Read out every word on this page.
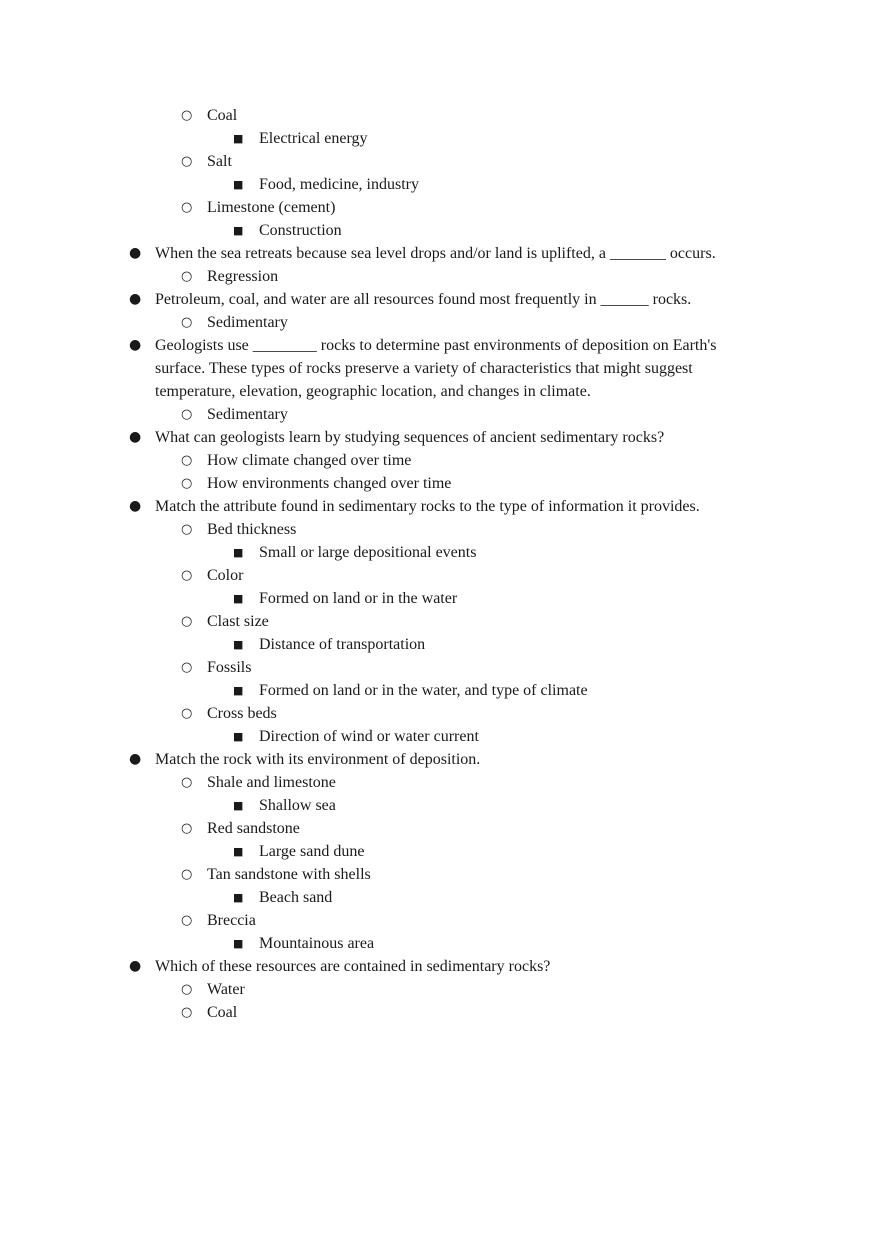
○ Coal
■ Electrical energy
○ Salt
■ Food, medicine, industry
○ Limestone (cement)
■ Construction
● When the sea retreats because sea level drops and/or land is uplifted, a _______ occurs.
○ Regression
● Petroleum, coal, and water are all resources found most frequently in ______ rocks.
○ Sedimentary
● Geologists use ________ rocks to determine past environments of deposition on Earth's surface. These types of rocks preserve a variety of characteristics that might suggest temperature, elevation, geographic location, and changes in climate.
○ Sedimentary
● What can geologists learn by studying sequences of ancient sedimentary rocks?
○ How climate changed over time
○ How environments changed over time
● Match the attribute found in sedimentary rocks to the type of information it provides.
○ Bed thickness
■ Small or large depositional events
○ Color
■ Formed on land or in the water
○ Clast size
■ Distance of transportation
○ Fossils
■ Formed on land or in the water, and type of climate
○ Cross beds
■ Direction of wind or water current
● Match the rock with its environment of deposition.
○ Shale and limestone
■ Shallow sea
○ Red sandstone
■ Large sand dune
○ Tan sandstone with shells
■ Beach sand
○ Breccia
■ Mountainous area
● Which of these resources are contained in sedimentary rocks?
○ Water
○ Coal
